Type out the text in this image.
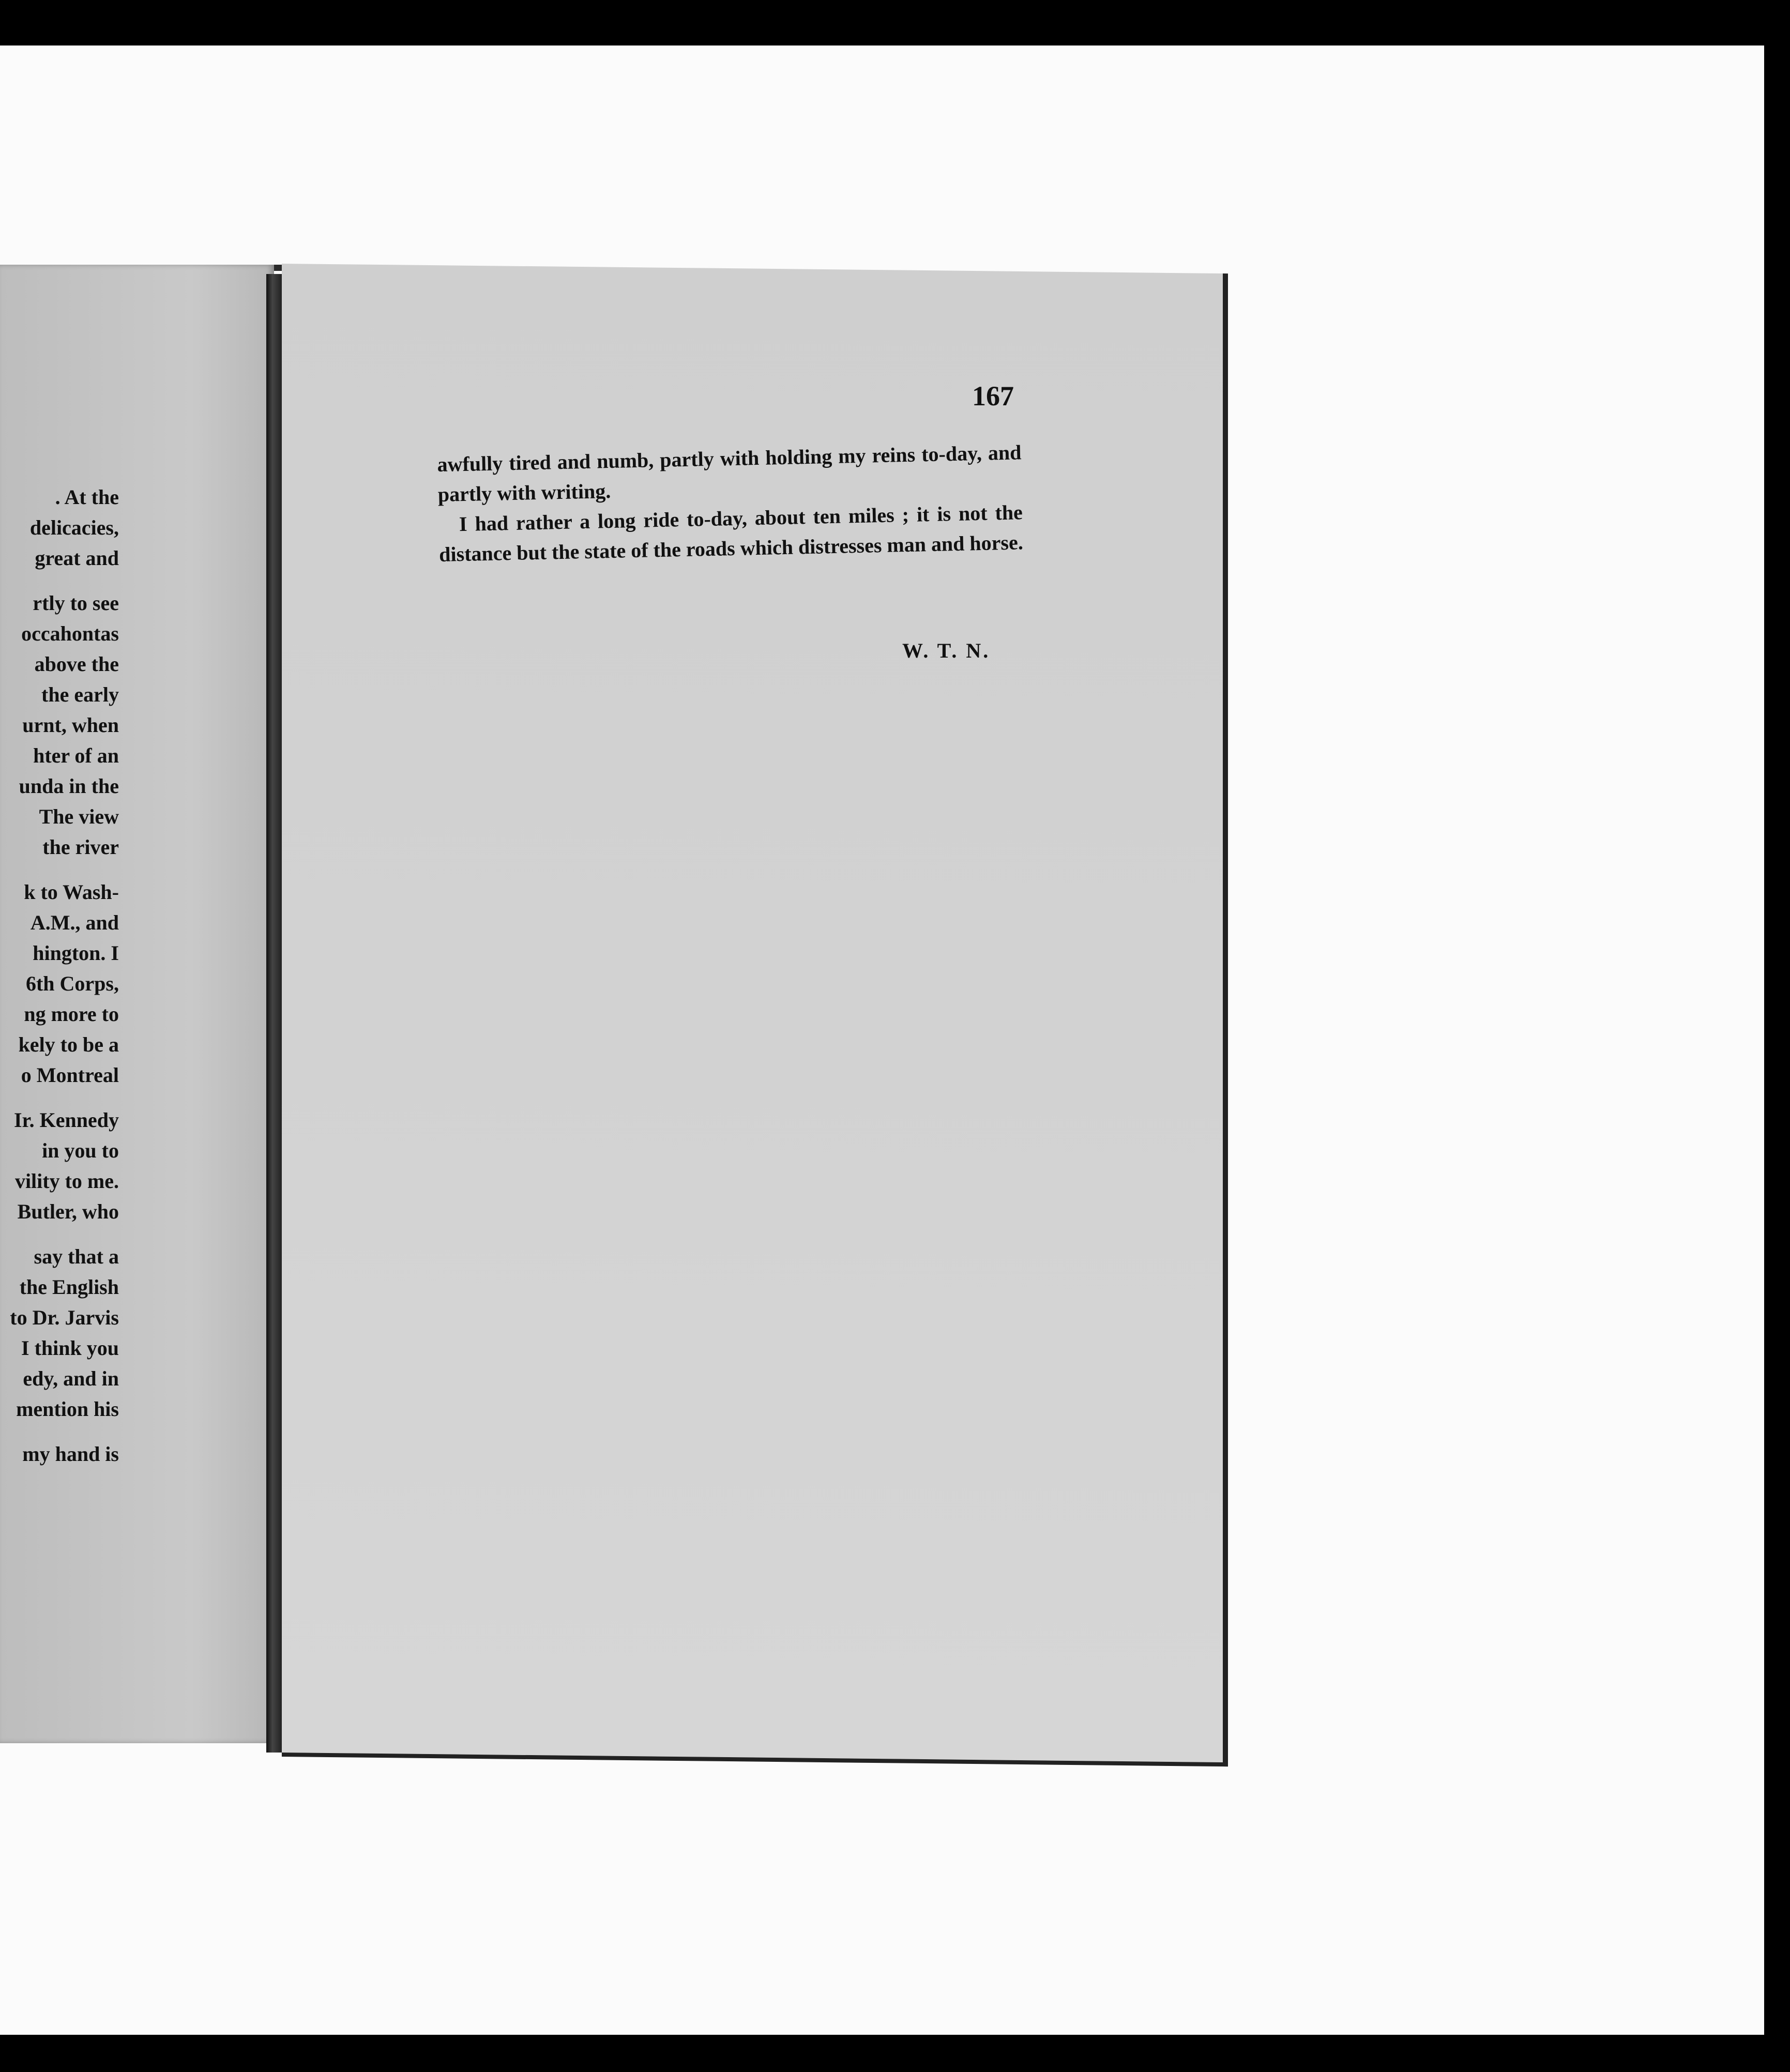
. At the
delicacies,
great and
rtly to see
occahontas
above the
the early
urnt, when
hter of an
unda in the
The view
the river
k to Wash-
A.M., and
hington. I
6th Corps,
ng more to
kely to be a
o Montreal
Ir. Kennedy
in you to
vility to me.
Butler, who
say that a
the English
to Dr. Jarvis
I think you
edy, and in
mention his
my hand is
167

awfully tired and numb, partly with holding my reins to-day, and partly with writing.

I had rather a long ride to-day, about ten miles ; it is not the distance but the state of the roads which distresses man and horse.

W. T. N.
